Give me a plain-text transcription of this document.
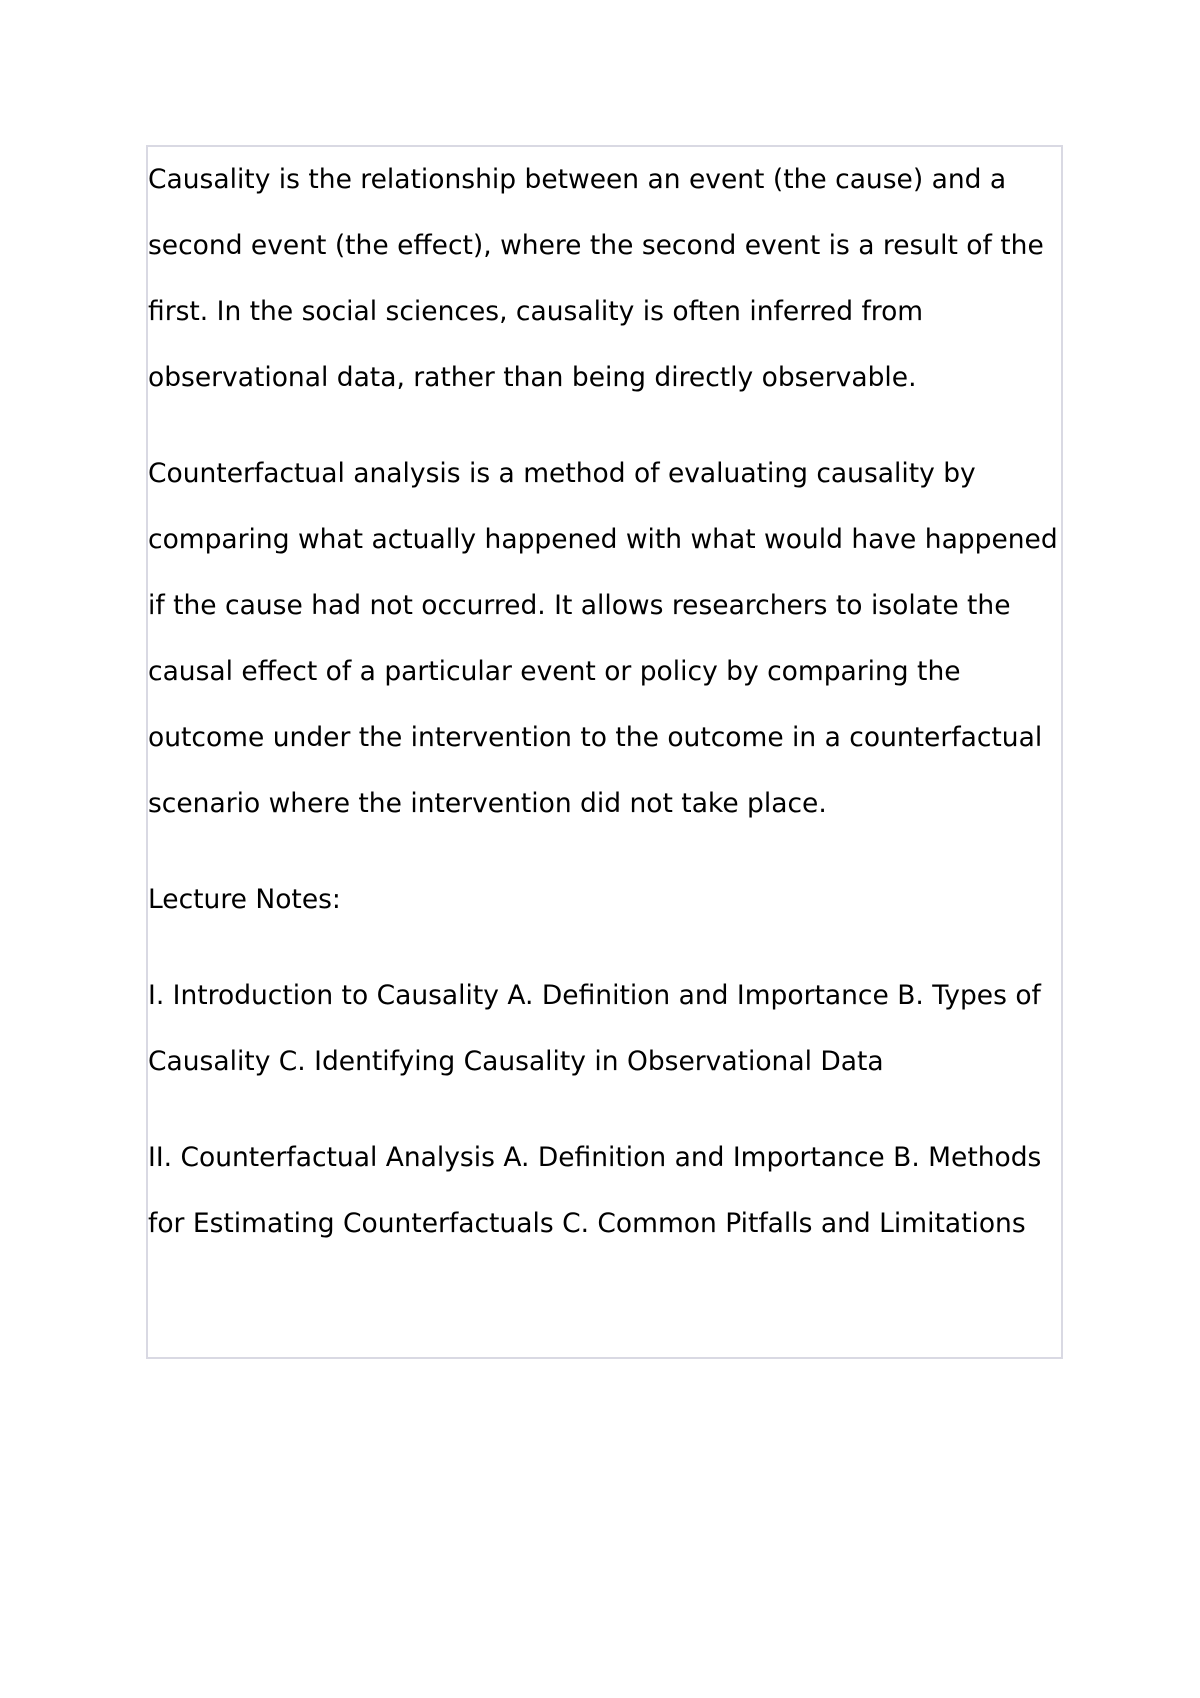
Causality is the relationship between an event (the cause) and a second event (the effect), where the second event is a result of the first. In the social sciences, causality is often inferred from observational data, rather than being directly observable.

Counterfactual analysis is a method of evaluating causality by comparing what actually happened with what would have happened if the cause had not occurred. It allows researchers to isolate the causal effect of a particular event or policy by comparing the outcome under the intervention to the outcome in a counterfactual scenario where the intervention did not take place.

Lecture Notes:

I. Introduction to Causality A. Definition and Importance B. Types of Causality C. Identifying Causality in Observational Data

II. Counterfactual Analysis A. Definition and Importance B. Methods for Estimating Counterfactuals C. Common Pitfalls and Limitations
